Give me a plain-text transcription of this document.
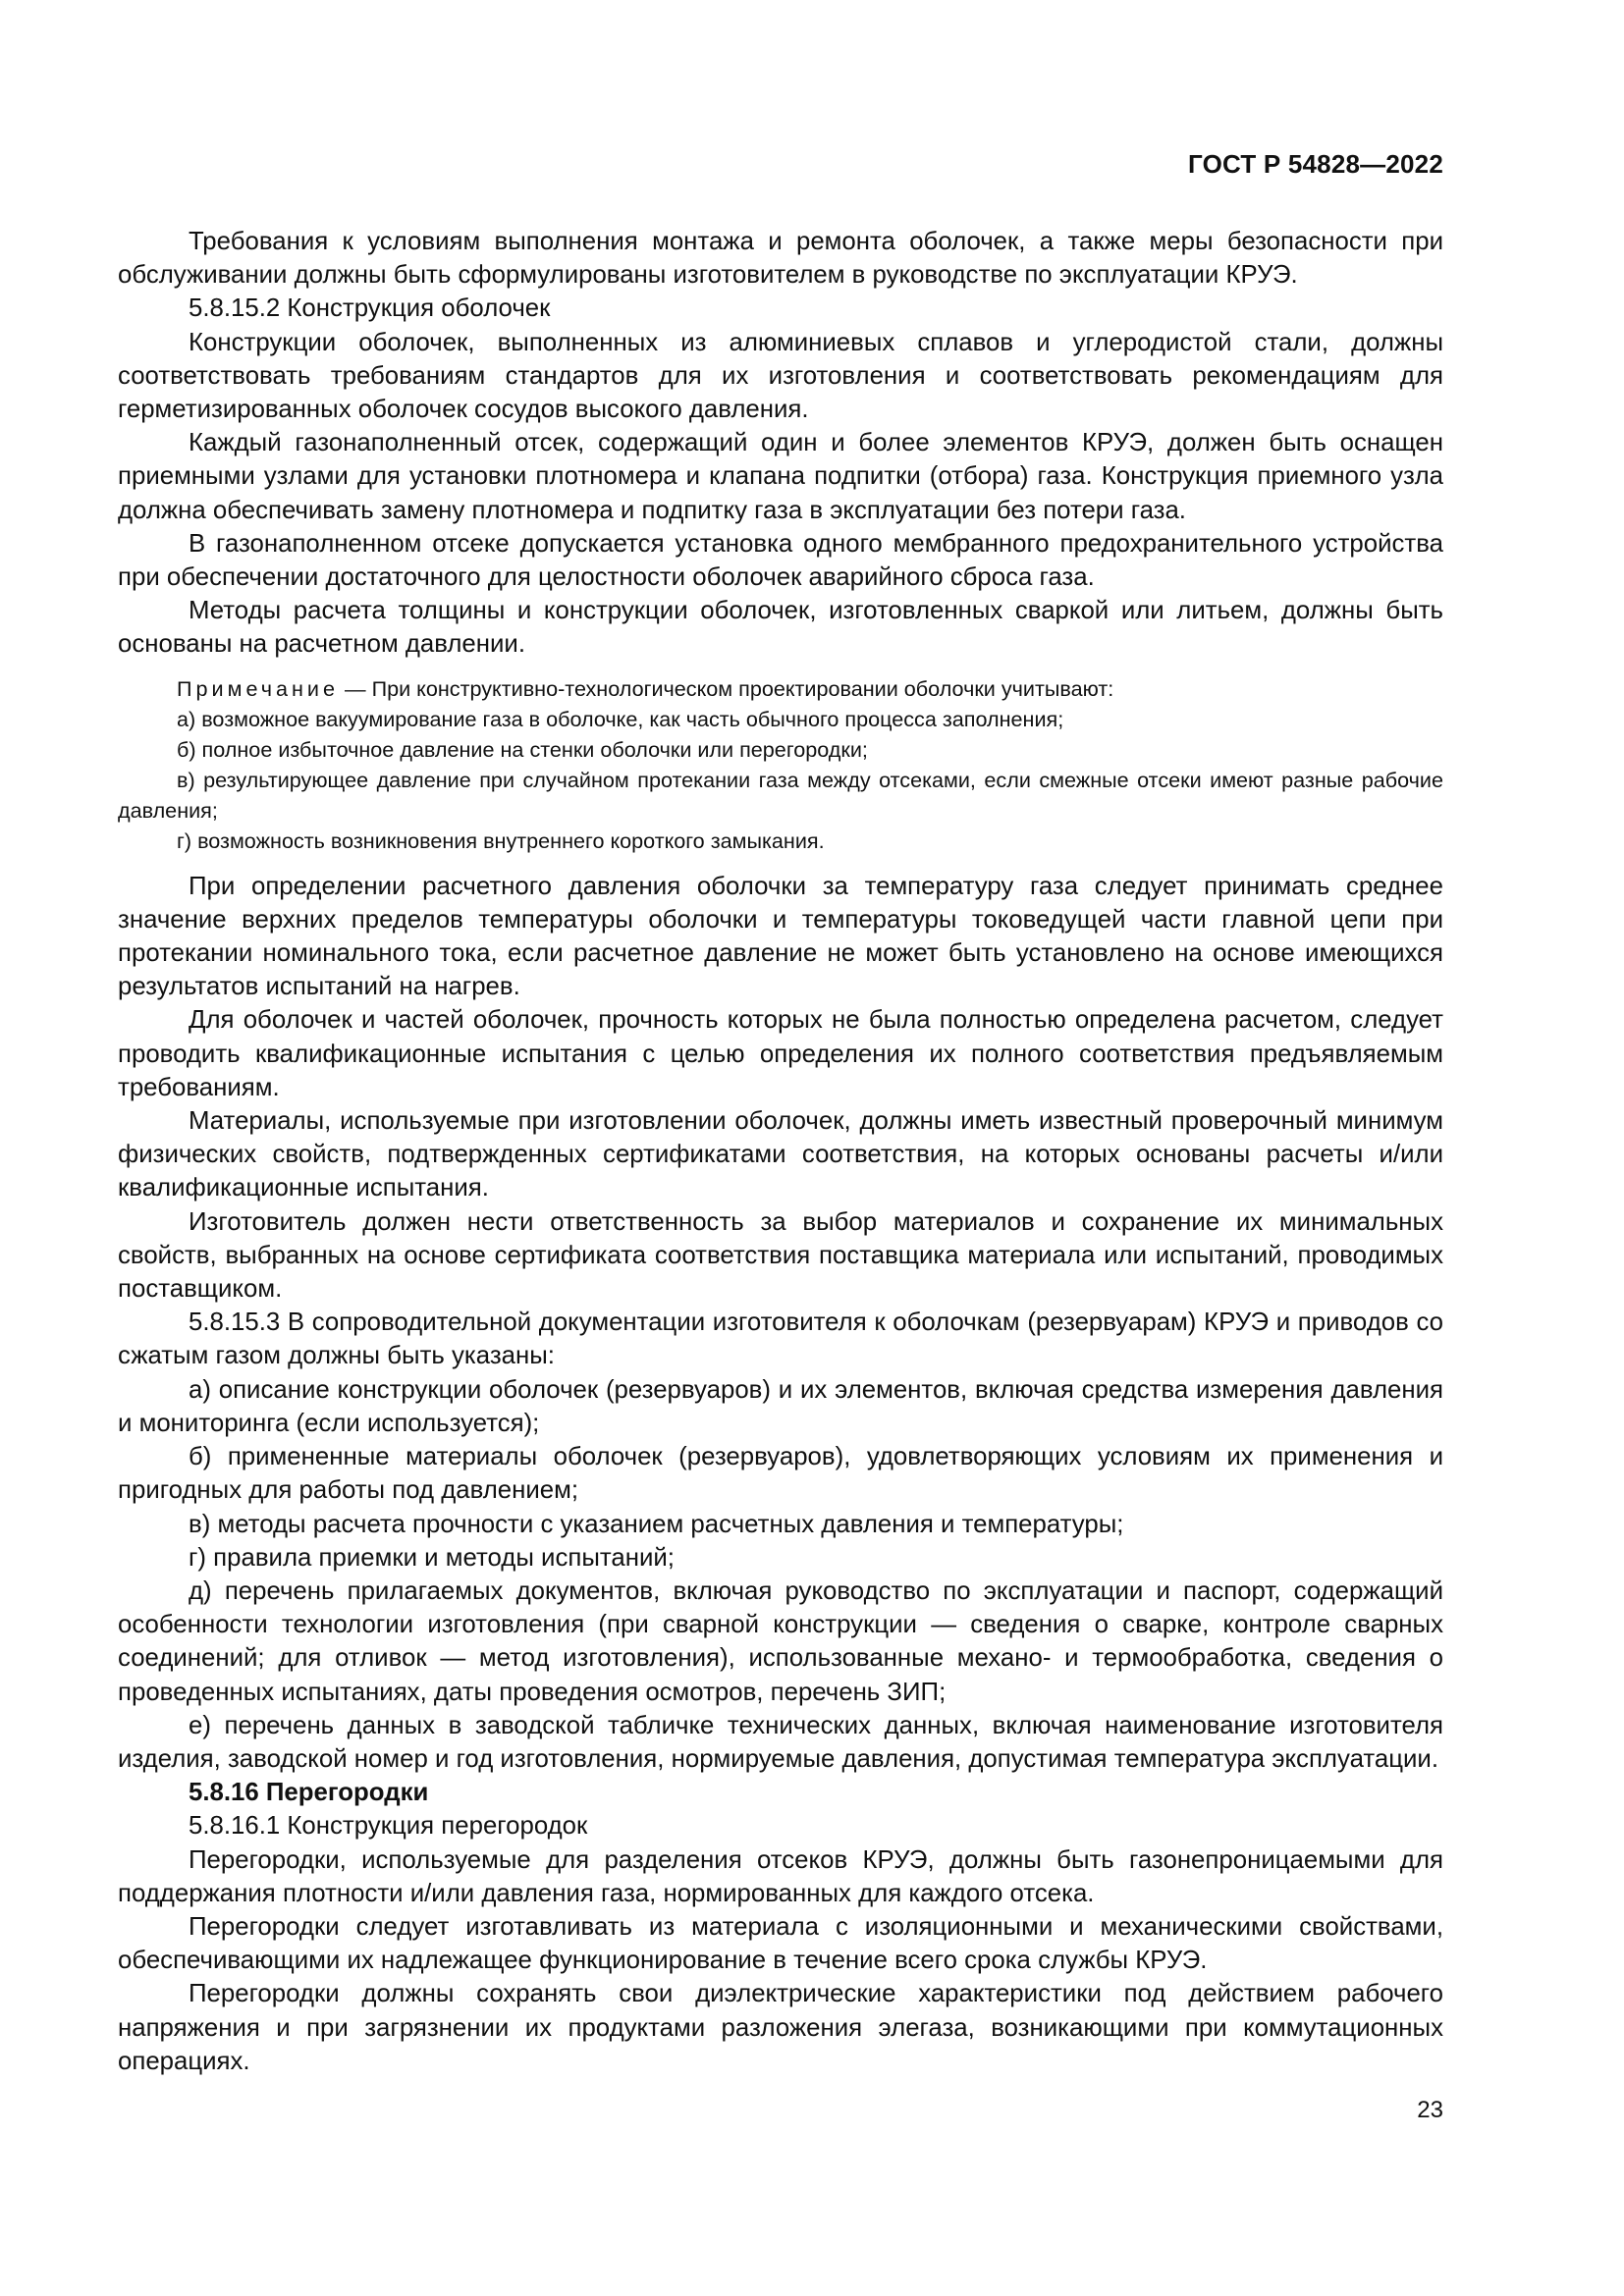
ГОСТ Р 54828—2022

Требования к условиям выполнения монтажа и ремонта оболочек, а также меры безопасности при обслуживании должны быть сформулированы изготовителем в руководстве по эксплуатации КРУЭ.

5.8.15.2 Конструкция оболочек

Конструкции оболочек, выполненных из алюминиевых сплавов и углеродистой стали, должны соответствовать требованиям стандартов для их изготовления и соответствовать рекомендациям для герметизированных оболочек сосудов высокого давления.

Каждый газонаполненный отсек, содержащий один и более элементов КРУЭ, должен быть оснащен приемными узлами для установки плотномера и клапана подпитки (отбора) газа. Конструкция приемного узла должна обеспечивать замену плотномера и подпитку газа в эксплуатации без потери газа.

В газонаполненном отсеке допускается установка одного мембранного предохранительного устройства при обеспечении достаточного для целостности оболочек аварийного сброса газа.

Методы расчета толщины и конструкции оболочек, изготовленных сваркой или литьем, должны быть основаны на расчетном давлении.

Примечание — При конструктивно-технологическом проектировании оболочки учитывают:

а) возможное вакуумирование газа в оболочке, как часть обычного процесса заполнения;

б) полное избыточное давление на стенки оболочки или перегородки;

в) результирующее давление при случайном протекании газа между отсеками, если смежные отсеки имеют разные рабочие давления;

г) возможность возникновения внутреннего короткого замыкания.

При определении расчетного давления оболочки за температуру газа следует принимать среднее значение верхних пределов температуры оболочки и температуры токоведущей части главной цепи при протекании номинального тока, если расчетное давление не может быть установлено на основе имеющихся результатов испытаний на нагрев.

Для оболочек и частей оболочек, прочность которых не была полностью определена расчетом, следует проводить квалификационные испытания с целью определения их полного соответствия предъявляемым требованиям.

Материалы, используемые при изготовлении оболочек, должны иметь известный проверочный минимум физических свойств, подтвержденных сертификатами соответствия, на которых основаны расчеты и/или квалификационные испытания.

Изготовитель должен нести ответственность за выбор материалов и сохранение их минимальных свойств, выбранных на основе сертификата соответствия поставщика материала или испытаний, проводимых поставщиком.

5.8.15.3 В сопроводительной документации изготовителя к оболочкам (резервуарам) КРУЭ и приводов со сжатым газом должны быть указаны:

а) описание конструкции оболочек (резервуаров) и их элементов, включая средства измерения давления и мониторинга (если используется);

б) примененные материалы оболочек (резервуаров), удовлетворяющих условиям их применения и пригодных для работы под давлением;

в) методы расчета прочности с указанием расчетных давления и температуры;

г) правила приемки и методы испытаний;

д) перечень прилагаемых документов, включая руководство по эксплуатации и паспорт, содержащий особенности технологии изготовления (при сварной конструкции — сведения о сварке, контроле сварных соединений; для отливок — метод изготовления), использованные механо- и термообработка, сведения о проведенных испытаниях, даты проведения осмотров, перечень ЗИП;

е) перечень данных в заводской табличке технических данных, включая наименование изготовителя изделия, заводской номер и год изготовления, нормируемые давления, допустимая температура эксплуатации.

5.8.16 Перегородки

5.8.16.1 Конструкция перегородок

Перегородки, используемые для разделения отсеков КРУЭ, должны быть газонепроницаемыми для поддержания плотности и/или давления газа, нормированных для каждого отсека.

Перегородки следует изготавливать из материала с изоляционными и механическими свойствами, обеспечивающими их надлежащее функционирование в течение всего срока службы КРУЭ.

Перегородки должны сохранять свои диэлектрические характеристики под действием рабочего напряжения и при загрязнении их продуктами разложения элегаза, возникающими при коммутационных операциях.

23
